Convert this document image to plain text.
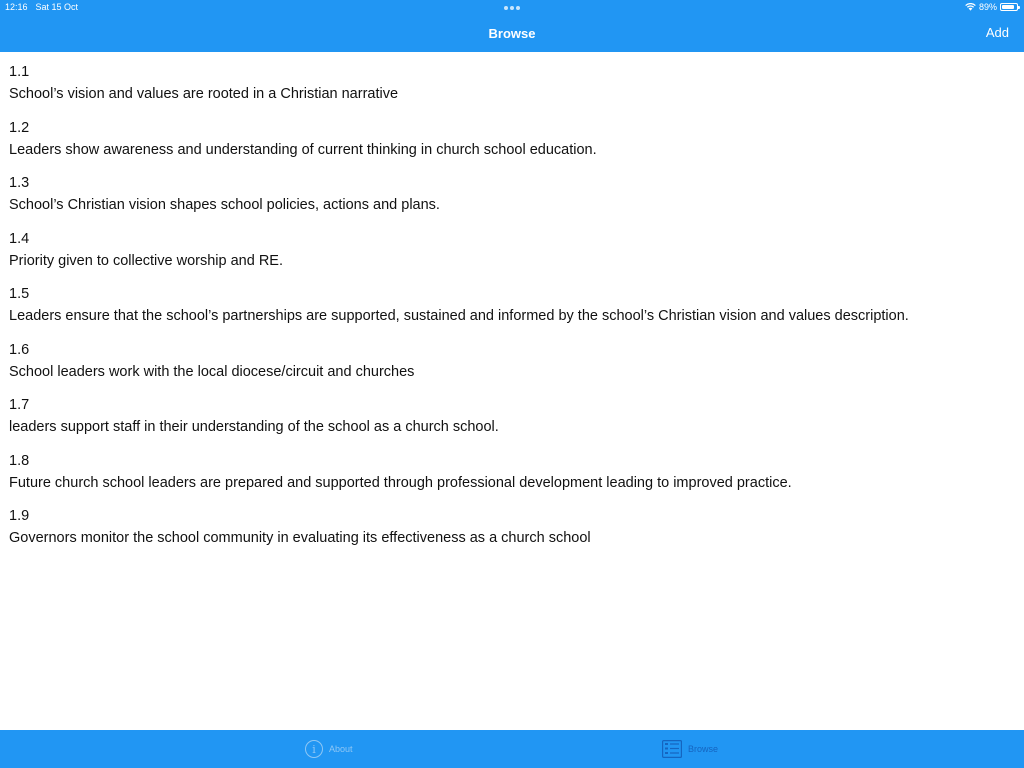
12:16 Sat 15 Oct	89%
Browse	Add
1.1
School’s vision and values are rooted in a Christian narrative
1.2
Leaders show awareness and understanding of current thinking in church school education.
1.3
School’s Christian vision shapes school policies, actions and plans.
1.4
Priority given to collective worship and RE.
1.5
Leaders ensure that the school’s partnerships are supported, sustained and informed by the school’s Christian vision and values description.
1.6
School leaders work with the local diocese/circuit and churches
1.7
leaders support staff in their understanding of the school as a church school.
1.8
Future church school leaders are prepared and supported through professional development leading to improved practice.
1.9
Governors monitor the school community in evaluating its effectiveness as a church school
i	About	Browse
